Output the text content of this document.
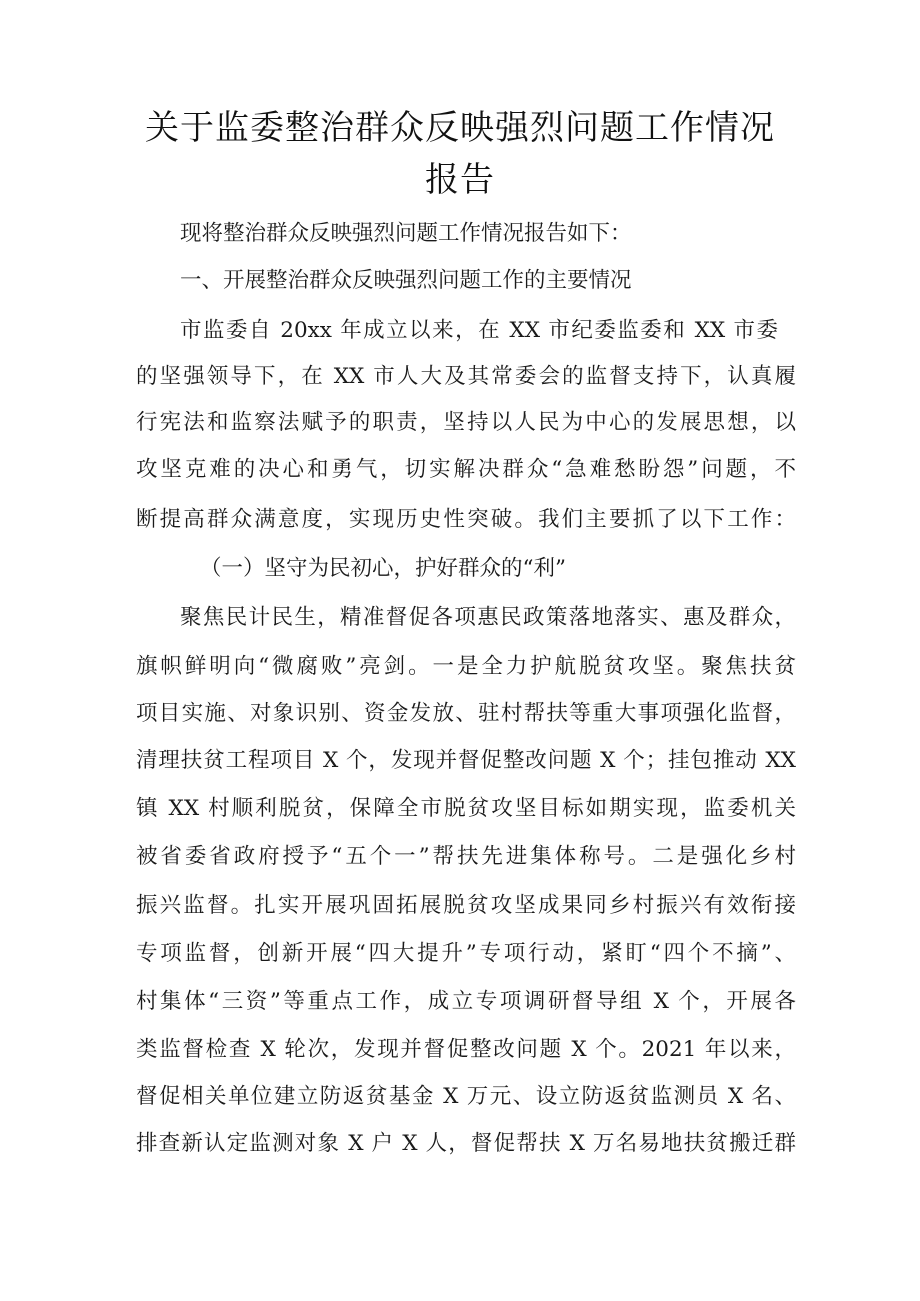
关于监委整治群众反映强烈问题工作情况
报告
现将整治群众反映强烈问题工作情况报告如下：
一、开展整治群众反映强烈问题工作的主要情况
市监委自 20xx 年成立以来，在 XX 市纪委监委和 XX 市委
的坚强领导下，在 XX 市人大及其常委会的监督支持下，认真履
行宪法和监察法赋予的职责，坚持以人民为中心的发展思想，以
攻坚克难的决心和勇气，切实解决群众“急难愁盼怨”问题，不
断提高群众满意度，实现历史性突破。我们主要抓了以下工作：
（一）坚守为民初心，护好群众的“利”
聚焦民计民生，精准督促各项惠民政策落地落实、惠及群众，
旗帜鲜明向“微腐败”亮剑。一是全力护航脱贫攻坚。聚焦扶贫
项目实施、对象识别、资金发放、驻村帮扶等重大事项强化监督，
清理扶贫工程项目 X 个，发现并督促整改问题 X 个；挂包推动 XX
镇 XX 村顺利脱贫，保障全市脱贫攻坚目标如期实现，监委机关
被省委省政府授予“五个一”帮扶先进集体称号。二是强化乡村
振兴监督。扎实开展巩固拓展脱贫攻坚成果同乡村振兴有效衔接
专项监督，创新开展“四大提升”专项行动，紧盯“四个不摘”、
村集体“三资”等重点工作，成立专项调研督导组 X 个，开展各
类监督检查 X 轮次，发现并督促整改问题 X 个。2021 年以来，
督促相关单位建立防返贫基金 X 万元、设立防返贫监测员 X 名、
排查新认定监测对象 X 户 X 人，督促帮扶 X 万名易地扶贫搬迁群
